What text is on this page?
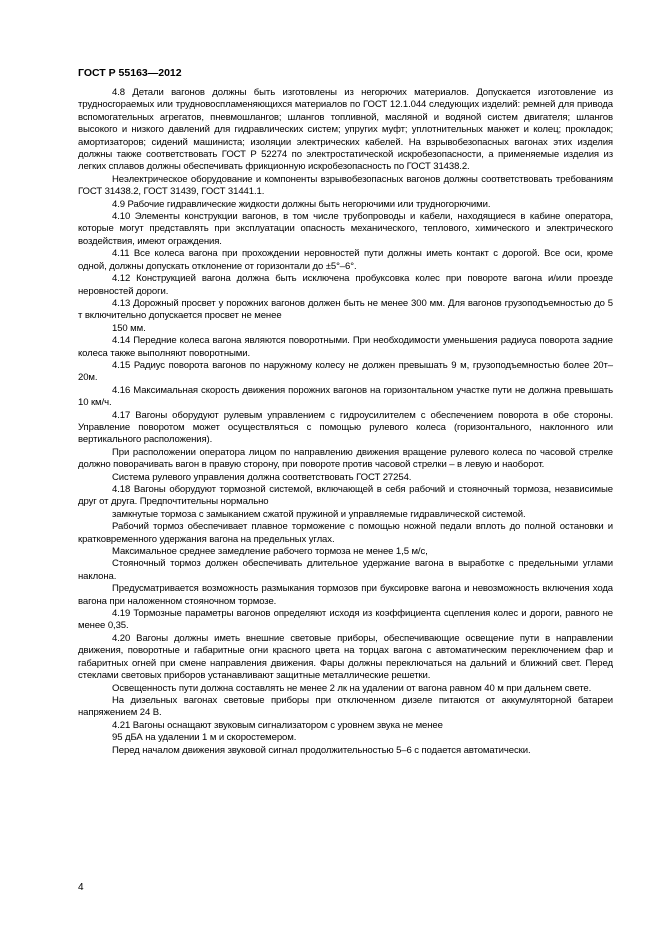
ГОСТ Р 55163—2012

4.8 Детали вагонов должны быть изготовлены из негорючих материалов. Допускается изготовление из трудносгораемых или трудновоспламеняющихся материалов по ГОСТ 12.1.044 следующих изделий: ремней для привода вспомогательных агрегатов, пневмошлангов; шлангов топливной, масляной и водяной систем двигателя; шлангов высокого и низкого давлений для гидравлических систем; упругих муфт; уплотнительных манжет и колец; прокладок; амортизаторов; сидений машиниста; изоляции электрических кабелей. На взрывобезопасных вагонах этих изделия должны также соответствовать ГОСТ Р 52274 по электростатической искробезопасности, а применяемые изделия из легких сплавов должны обеспечивать фрикционную искробезопасность по ГОСТ 31438.2.

Неэлектрическое оборудование и компоненты взрывобезопасных вагонов должны соответствовать требованиям ГОСТ 31438.2, ГОСТ 31439, ГОСТ 31441.1.

4.9 Рабочие гидравлические жидкости должны быть негорючими или трудногорючими.

4.10 Элементы конструкции вагонов, в том числе трубопроводы и кабели, находящиеся в кабине оператора, которые могут представлять при эксплуатации опасность механического, теплового, химического и электрического воздействия, имеют ограждения.

4.11 Все колеса вагона при прохождении неровностей пути должны иметь контакт с дорогой. Все оси, кроме одной, должны допускать отклонение от горизонтали до ±5°–6°.

4.12 Конструкцией вагона должна быть исключена пробуксовка колес при повороте вагона и/или проезде неровностей дороги.

4.13 Дорожный просвет у порожних вагонов должен быть не менее 300 мм. Для вагонов грузоподъемностью до 5 т включительно допускается просвет не менее

150 мм.

4.14 Передние колеса вагона являются поворотными. При необходимости уменьшения радиуса поворота задние колеса также выполняют поворотными.

4.15 Радиус поворота вагонов по наружному колесу не должен превышать 9 м, грузоподъемностью более 20т– 20м.

4.16 Максимальная скорость движения порожних вагонов на горизонтальном участке пути не должна превышать 10 км/ч.

4.17 Вагоны оборудуют рулевым управлением с гидроусилителем с обеспечением поворота в обе стороны. Управление поворотом может осуществляться с помощью рулевого колеса (горизонтального, наклонного или вертикального расположения).

При расположении оператора лицом по направлению движения вращение рулевого колеса по часовой стрелке должно поворачивать вагон в правую сторону, при повороте против часовой стрелки – в левую и наоборот.

Система рулевого управления должна соответствовать ГОСТ 27254.

4.18 Вагоны оборудуют тормозной системой, включающей в себя рабочий и стояночный тормоза, независимые друг от друга. Предпочтительны нормально

замкнутые тормоза с замыканием сжатой пружиной и управляемые гидравлической системой.

Рабочий тормоз обеспечивает плавное торможение с помощью ножной педали вплоть до полной остановки и кратковременного удержания вагона на предельных углах.

Максимальное среднее замедление рабочего тормоза не менее 1,5 м/с,

Стояночный тормоз должен обеспечивать длительное удержание вагона в выработке с предельными углами наклона.

Предусматривается возможность размыкания тормозов при буксировке вагона и невозможность включения хода вагона при наложенном стояночном тормозе.

4.19 Тормозные параметры вагонов определяют исходя из коэффициента сцепления колес и дороги, равного не менее 0,35.

4.20 Вагоны должны иметь внешние световые приборы, обеспечивающие освещение пути в направлении движения, поворотные и габаритные огни красного цвета на торцах вагона с автоматическим переключением фар и габаритных огней при смене направления движения. Фары должны переключаться на дальний и ближний свет. Перед стеклами световых приборов устанавливают защитные металлические решетки.

Освещенность пути должна составлять не менее 2 лк на удалении от вагона равном 40 м при дальнем свете.

На дизельных вагонах световые приборы при отключенном дизеле питаются от аккумуляторной батареи напряжением 24 В.

4.21 Вагоны оснащают звуковым сигнализатором с уровнем звука не менее

95 дБА на удалении 1 м и скоростемером.

Перед началом движения звуковой сигнал продолжительностью 5–6 с подается автоматически.

4
